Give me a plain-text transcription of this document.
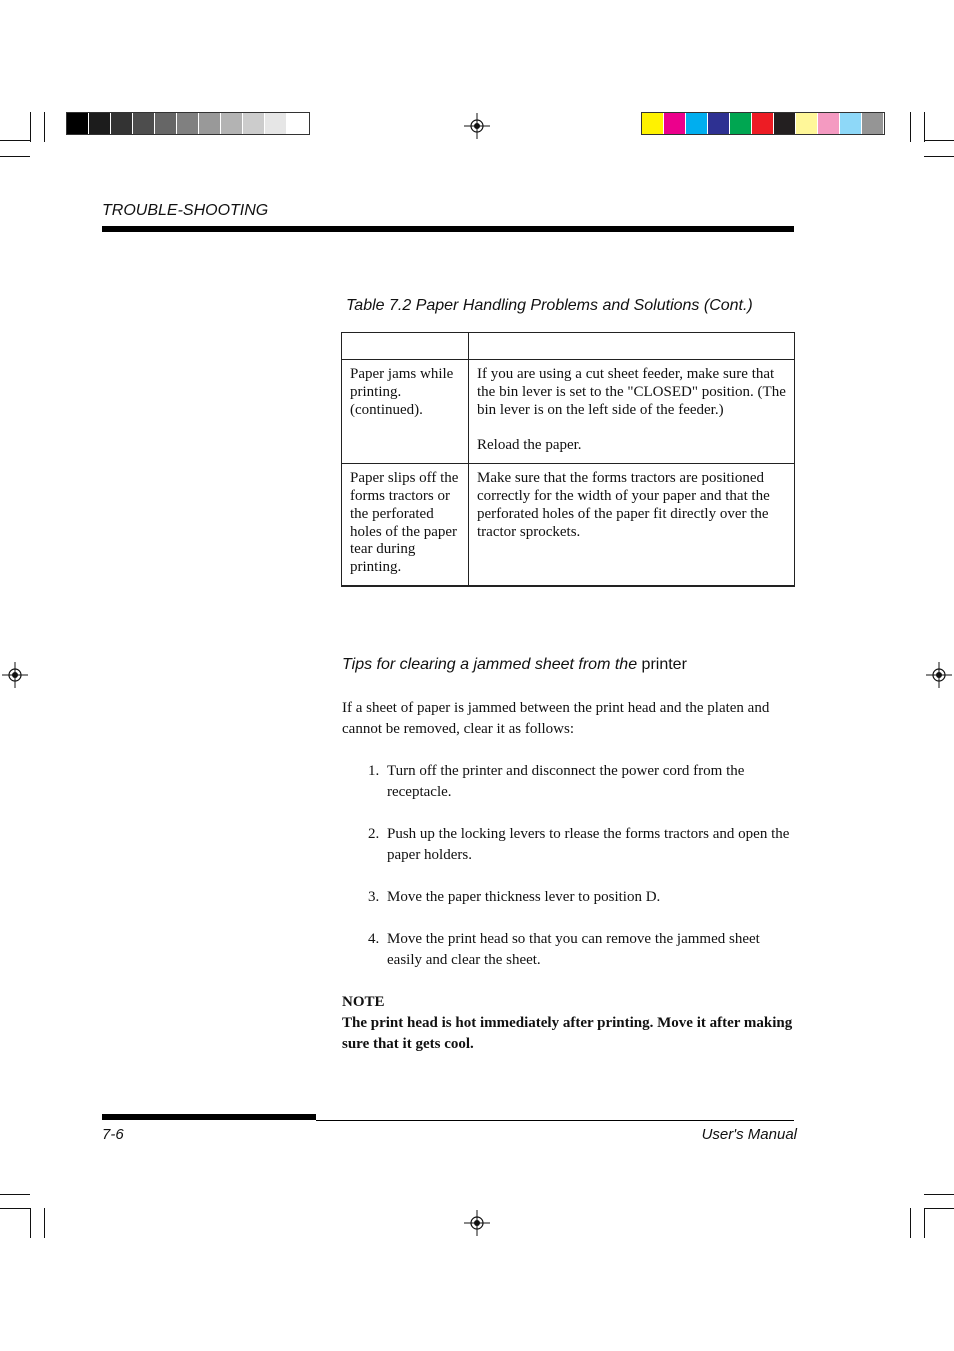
TROUBLE-SHOOTING
Table 7.2 Paper Handling Problems and Solutions (Cont.)

Paper jams while printing. (continued).	If you are using a cut sheet feeder, make sure that the bin lever is set to the "CLOSED" position. (The bin lever is on the left side of the feeder.)
Reload the paper.

Paper slips off the forms tractors or the perforated holes of the paper tear during printing.	Make sure that the forms tractors are positioned correctly for the width of your paper and that the perforated holes of the paper fit directly over the tractor sprockets.
Tips for clearing a jammed sheet from the printer
If a sheet of paper is jammed between the print head and the platen and cannot be removed, clear it as follows:
1. Turn off the printer and disconnect the power cord from the receptacle.
2. Push up the locking levers to rlease the forms tractors and open the paper holders.
3. Move the paper thickness lever to position D.
4. Move the print head so that you can remove the jammed sheet easily and clear the sheet.
NOTE
The print head is hot immediately after printing. Move it after making sure that it gets cool.
7-6	User's Manual
